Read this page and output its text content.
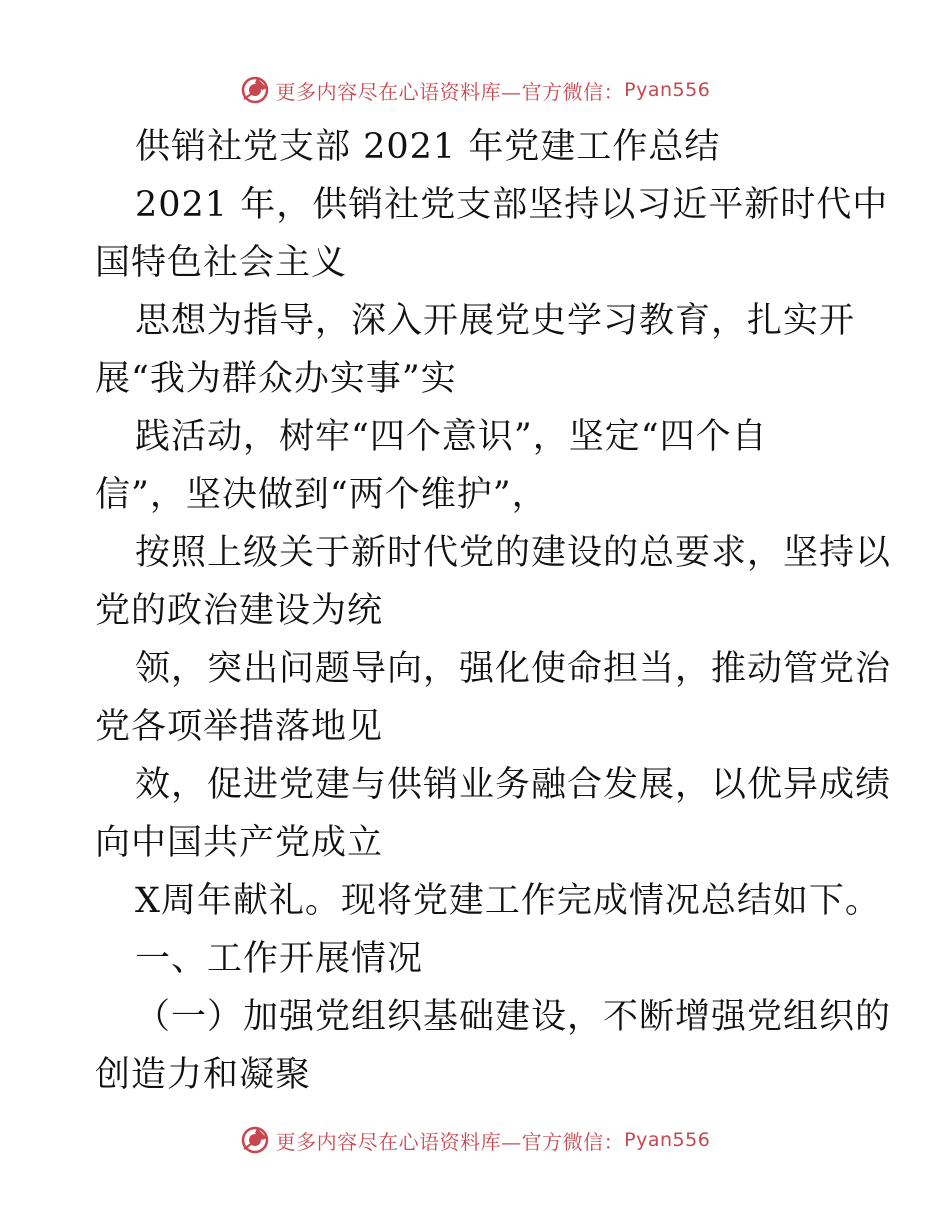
更多内容尽在心语资料库—官方微信： Pyan556
供销社党支部 2021 年党建工作总结
2021 年，供销社党支部坚持以习近平新时代中
国特色社会主义
思想为指导，深入开展党史学习教育，扎实开
展“我为群众办实事”实
践活动，树牢“四个意识”，坚定“四个自
信”，坚决做到“两个维护”，
按照上级关于新时代党的建设的总要求，坚持以
党的政治建设为统
领，突出问题导向，强化使命担当，推动管党治
党各项举措落地见
效，促进党建与供销业务融合发展，以优异成绩
向中国共产党成立
X周年献礼。现将党建工作完成情况总结如下。
一、工作开展情况
（一）加强党组织基础建设，不断增强党组织的
创造力和凝聚
更多内容尽在心语资料库—官方微信： Pyan556
